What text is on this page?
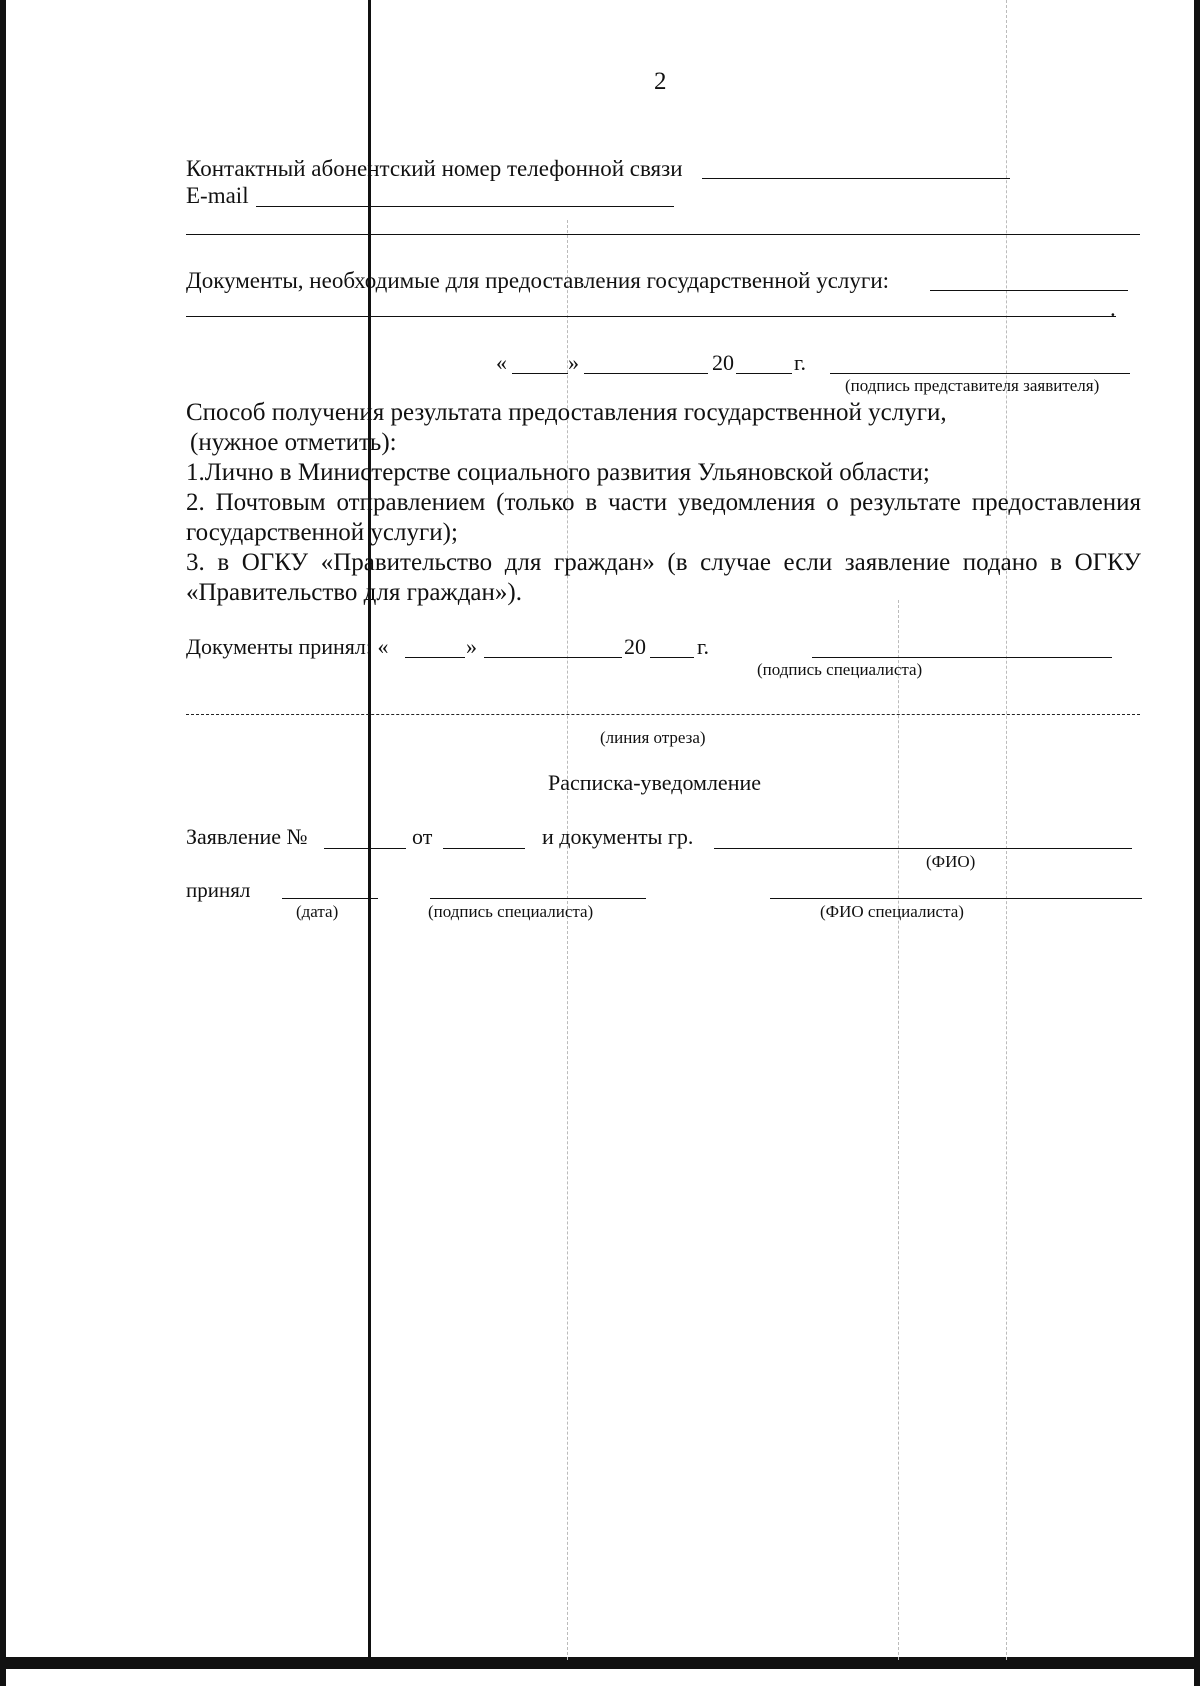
2
Контактный абонентский номер телефонной связи
E-mail
Документы, необходимые для предоставления государственной услуги:
.
«	»	20	г.
(подпись представителя заявителя)
Способ получения результата предоставления государственной услуги,
(нужное отметить):
1.Лично в Министерстве социального развития Ульяновской области;
2. Почтовым отправлением (только в части уведомления о результате предоставления
государственной услуги);
3. в ОГКУ «Правительство для граждан» (в случае если заявление подано в ОГКУ
«Правительство для граждан»).
Документы принял: «	»	20 г.
(подпись специалиста)
(линия отреза)
Расписка-уведомление
Заявление №	от	и документы гр.
(ФИО)
принял
(дата)	(подпись специалиста)	(ФИО специалиста)
